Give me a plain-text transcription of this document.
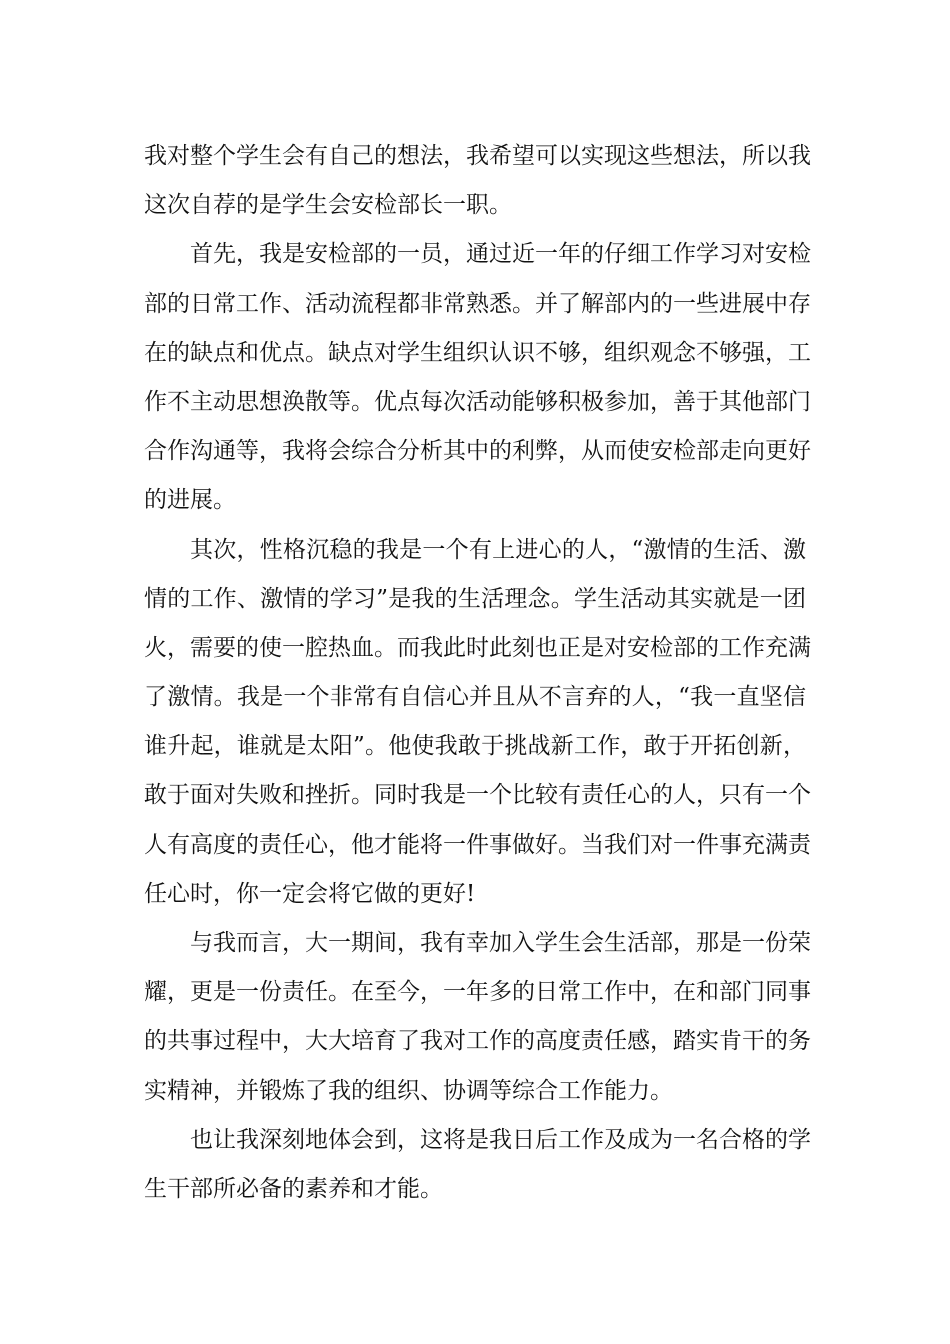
我对整个学生会有自己的想法，我希望可以实现这些想法，所以我
这次自荐的是学生会安检部长一职。
首先，我是安检部的一员，通过近一年的仔细工作学习对安检
部的日常工作、活动流程都非常熟悉。并了解部内的一些进展中存
在的缺点和优点。缺点对学生组织认识不够，组织观念不够强，工
作不主动思想涣散等。优点每次活动能够积极参加，善于其他部门
合作沟通等，我将会综合分析其中的利弊，从而使安检部走向更好
的进展。
其次，性格沉稳的我是一个有上进心的人，“激情的生活、激
情的工作、激情的学习”是我的生活理念。学生活动其实就是一团
火，需要的使一腔热血。而我此时此刻也正是对安检部的工作充满
了激情。我是一个非常有自信心并且从不言弃的人，“我一直坚信
谁升起，谁就是太阳”。他使我敢于挑战新工作，敢于开拓创新，
敢于面对失败和挫折。同时我是一个比较有责任心的人，只有一个
人有高度的责任心，他才能将一件事做好。当我们对一件事充满责
任心时，你一定会将它做的更好!
与我而言，大一期间，我有幸加入学生会生活部，那是一份荣
耀，更是一份责任。在至今，一年多的日常工作中，在和部门同事
的共事过程中，大大培育了我对工作的高度责任感，踏实肯干的务
实精神，并锻炼了我的组织、协调等综合工作能力。
也让我深刻地体会到，这将是我日后工作及成为一名合格的学
生干部所必备的素养和才能。
